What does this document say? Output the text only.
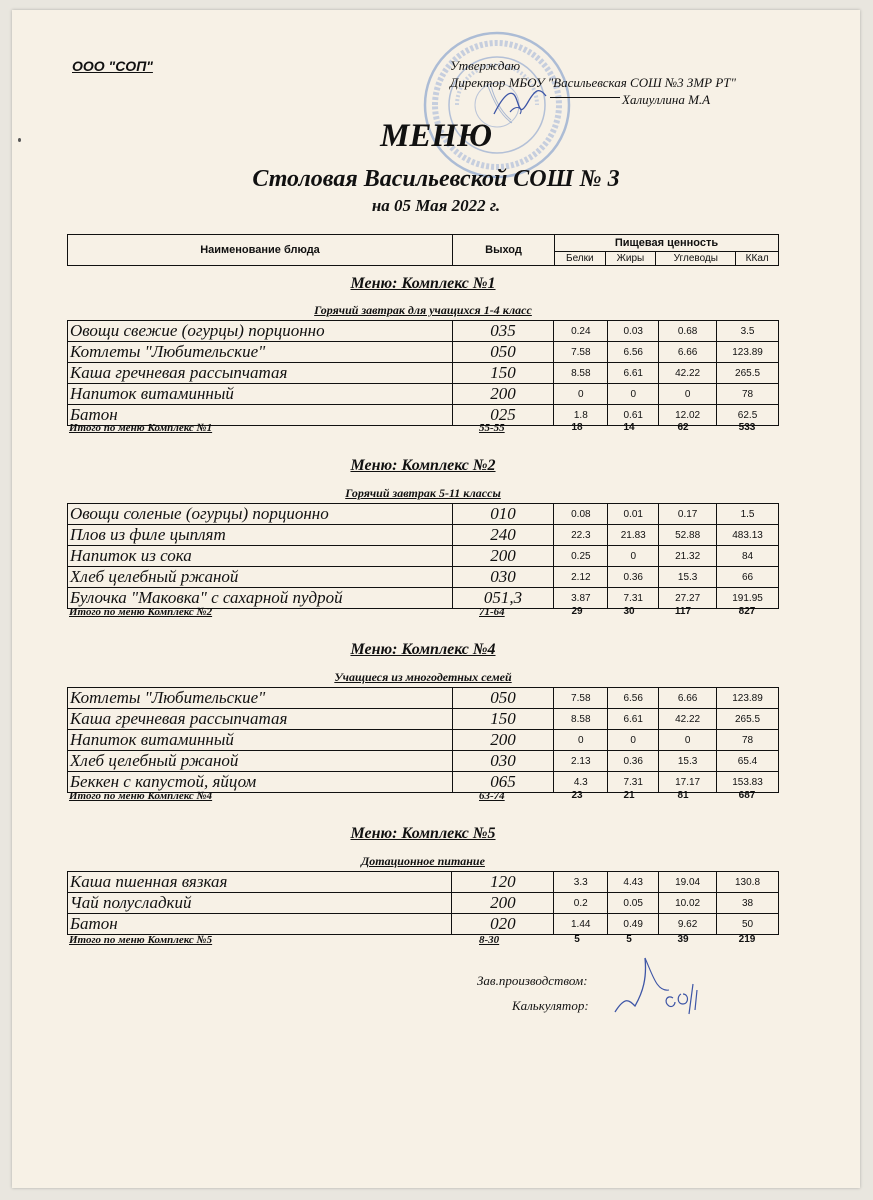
ООО "СОП"	Утверждаю
Директор МБОУ "Васильевская СОШ №3 ЗМР РТ"
Халиуллина М.А
МЕНЮ
Столовая Васильевской СОШ № 3
на 05 Мая 2022 г.
Наименование блюда	Выход	Пищевая ценность			
		Белки	Жиры	Углеводы	ККал
Меню: Комплекс №1
Горячий завтрак для учащихся 1-4 класс
Овощи свежие (огурцы) порционно	035	0.24	0.03	0.68	3.5
Котлеты "Любительские"	050	7.58	6.56	6.66	123.89
Каша гречневая рассыпчатая	150	8.58	6.61	42.22	265.5
Напиток витаминный	200	0	0	0	78
Батон	025	1.8	0.61	12.02	62.5
Итого по меню Комплекс №1	55-55	18	14	62	533
Меню: Комплекс №2
Горячий завтрак 5-11 классы
Овощи соленые (огурцы) порционно	010	0.08	0.01	0.17	1.5
Плов из филе цыплят	240	22.3	21.83	52.88	483.13
Напиток из сока	200	0.25	0	21.32	84
Хлеб целебный ржаной	030	2.12	0.36	15.3	66
Булочка "Маковка" с сахарной пудрой	051,3	3.87	7.31	27.27	191.95
Итого по меню Комплекс №2	71-64	29	30	117	827
Меню: Комплекс №4
Учащиеся из многодетных семей
Котлеты "Любительские"	050	7.58	6.56	6.66	123.89
Каша гречневая рассыпчатая	150	8.58	6.61	42.22	265.5
Напиток витаминный	200	0	0	0	78
Хлеб целебный ржаной	030	2.13	0.36	15.3	65.4
Беккен с капустой, яйцом	065	4.3	7.31	17.17	153.83
Итого по меню Комплекс №4	63-74	23	21	81	687
Меню: Комплекс №5
Дотационное питание
Каша пшенная вязкая	120	3.3	4.43	19.04	130.8
Чай полусладкий	200	0.2	0.05	10.02	38
Батон	020	1.44	0.49	9.62	50
Итого по меню Комплекс №5	8-30	5	5	39	219
Зав.производством:
Калькулятор:
